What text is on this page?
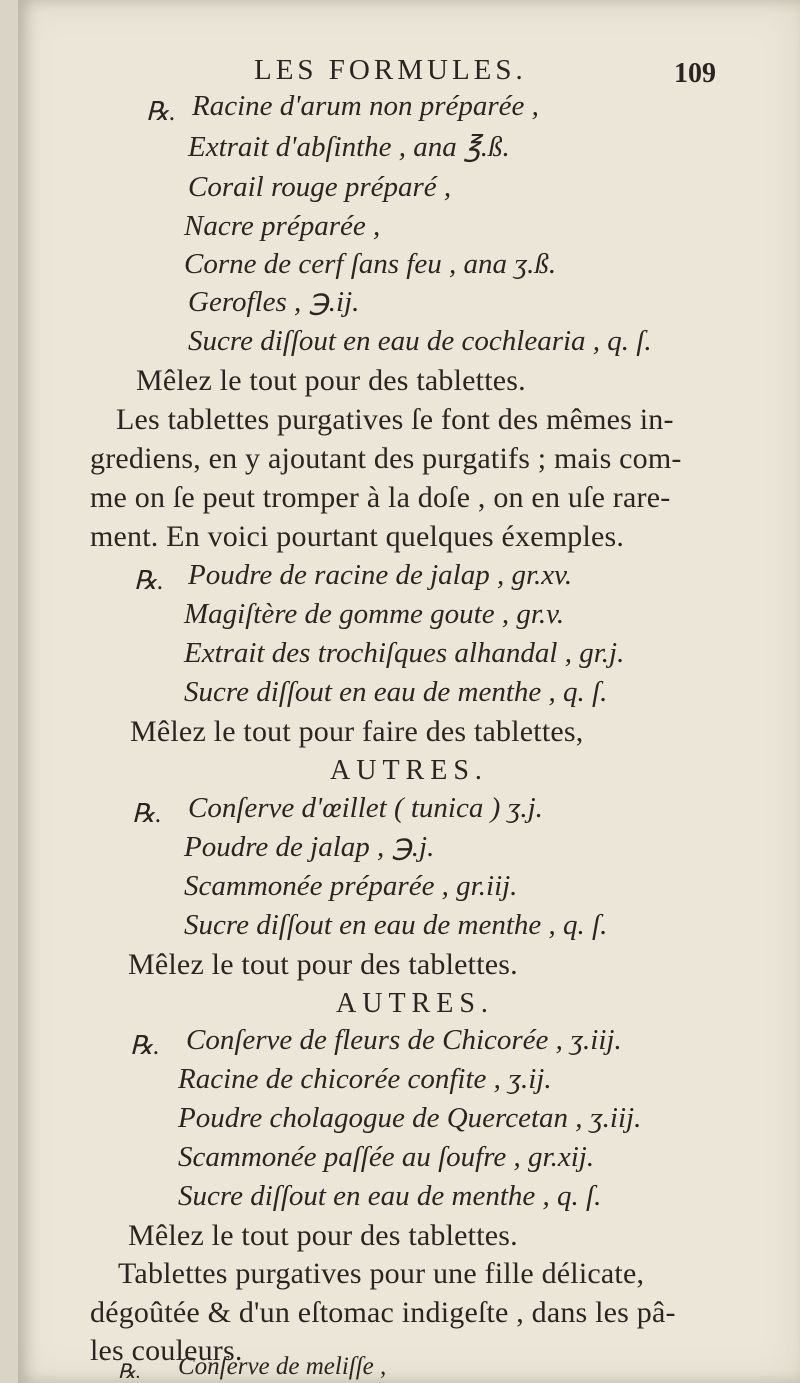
LES FORMULES.	109
℞. Racine d'arum non préparée ,
Extrait d'abſinthe , ana ℥.ß.
Corail rouge préparé ,
Nacre préparée ,
Corne de cerf ſans feu , ana ʒ.ß.
Gerofles , ℈.ij.
Sucre diſſout en eau de cochlearia , q. ſ.
Mêlez le tout pour des tablettes.
Les tablettes purgatives ſe font des mêmes in-
grediens, en y ajoutant des purgatifs ; mais com-
me on ſe peut tromper à la doſe , on en uſe rare-
ment. En voici pourtant quelques éxemples.
℞. Poudre de racine de jalap , gr.xv.
Magiſtère de gomme goute , gr.v.
Extrait des trochiſques alhandal , gr.j.
Sucre diſſout en eau de menthe , q. ſ.
Mêlez le tout pour faire des tablettes,
AUTRES.
℞. Conſerve d'œillet ( tunica ) ʒ.j.
Poudre de jalap , ℈.j.
Scammonée préparée , gr.iij.
Sucre diſſout en eau de menthe , q. ſ.
Mêlez le tout pour des tablettes.
AUTRES.
℞. Conſerve de fleurs de Chicorée , ʒ.iij.
Racine de chicorée confite , ʒ.ij.
Poudre cholagogue de Quercetan , ʒ.iij.
Scammonée paſſée au ſoufre , gr.xij.
Sucre diſſout en eau de menthe , q. ſ.
Mêlez le tout pour des tablettes.
Tablettes purgatives pour une fille délicate,
dégoûtée & d'un eſtomac indigeſte , dans les pâ-
les couleurs.
℞. Conſerve de meliſſe ,
